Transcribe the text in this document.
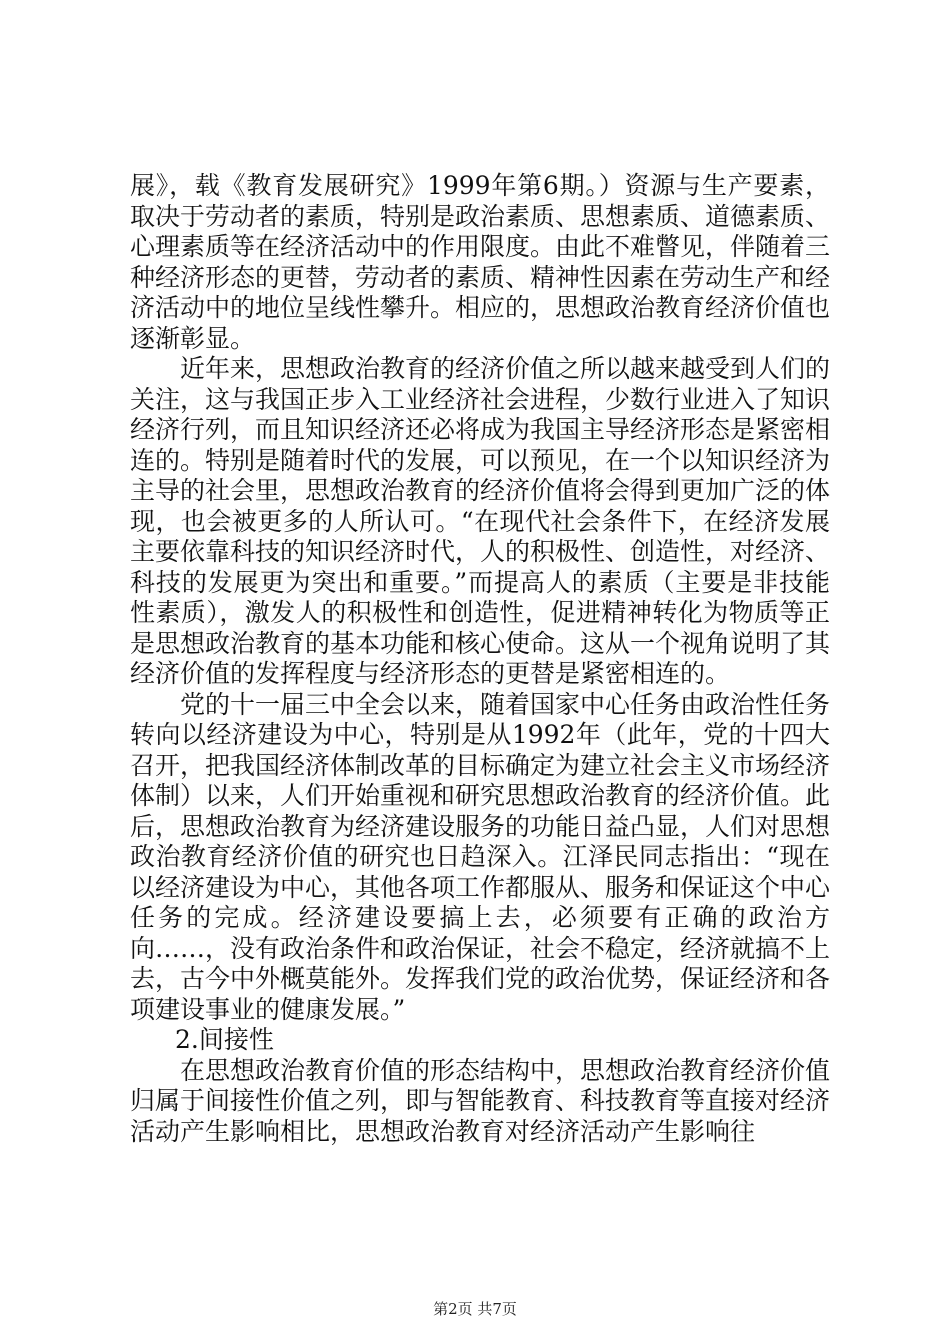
展》，载《教育发展研究》1999年第6期。）资源与生产要素，取决于劳动者的素质，特别是政治素质、思想素质、道德素质、心理素质等在经济活动中的作用限度。由此不难瞥见，伴随着三种经济形态的更替，劳动者的素质、精神性因素在劳动生产和经济活动中的地位呈线性攀升。相应的，思想政治教育经济价值也逐渐彰显。

近年来，思想政治教育的经济价值之所以越来越受到人们的关注，这与我国正步入工业经济社会进程，少数行业进入了知识经济行列，而且知识经济还必将成为我国主导经济形态是紧密相连的。特别是随着时代的发展，可以预见，在一个以知识经济为主导的社会里，思想政治教育的经济价值将会得到更加广泛的体现，也会被更多的人所认可。“在现代社会条件下，在经济发展主要依靠科技的知识经济时代，人的积极性、创造性，对经济、科技的发展更为突出和重要。”而提高人的素质（主要是非技能性素质），激发人的积极性和创造性，促进精神转化为物质等正是思想政治教育的基本功能和核心使命。这从一个视角说明了其经济价值的发挥程度与经济形态的更替是紧密相连的。

党的十一届三中全会以来，随着国家中心任务由政治性任务转向以经济建设为中心，特别是从1992年（此年，党的十四大召开，把我国经济体制改革的目标确定为建立社会主义市场经济体制）以来，人们开始重视和研究思想政治教育的经济价值。此后，思想政治教育为经济建设服务的功能日益凸显，人们对思想政治教育经济价值的研究也日趋深入。江泽民同志指出：“现在以经济建设为中心，其他各项工作都服从、服务和保证这个中心任务的完成。经济建设要搞上去，必须要有正确的政治方向……，没有政治条件和政治保证，社会不稳定，经济就搞不上去，古今中外概莫能外。发挥我们党的政治优势，保证经济和各项建设事业的健康发展。”

2.间接性

在思想政治教育价值的形态结构中，思想政治教育经济价值归属于间接性价值之列，即与智能教育、科技教育等直接对经济活动产生影响相比，思想政治教育对经济活动产生影响往

第2页 共7页
